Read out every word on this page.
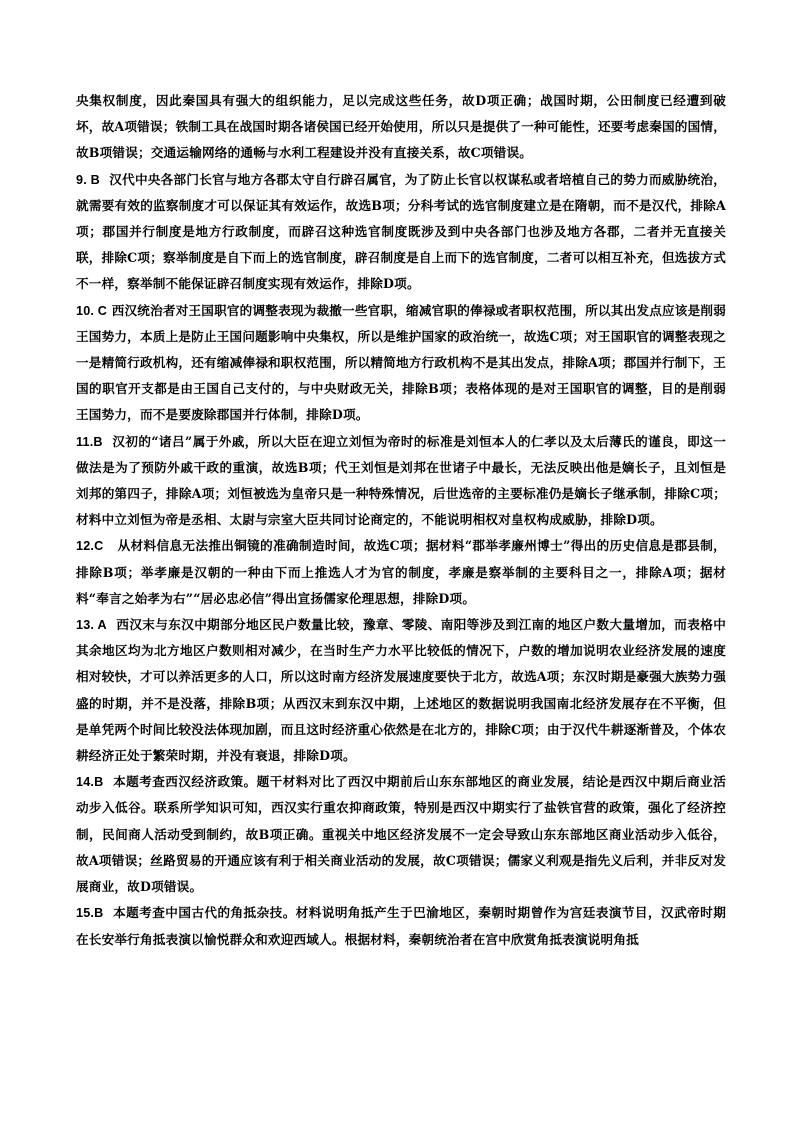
央集权制度，因此秦国具有强大的组织能力，足以完成这些任务，故D项正确；战国时期，公田制度已经遭到破坏，故A项错误；铁制工具在战国时期各诸侯国已经开始使用，所以只是提供了一种可能性，还要考虑秦国的国情，故B项错误；交通运输网络的通畅与水利工程建设并没有直接关系，故C项错误。

9. B 汉代中央各部门长官与地方各郡太守自行辟召属官，为了防止长官以权谋私或者培植自己的势力而威胁统治，就需要有效的监察制度才可以保证其有效运作，故选B项；分科考试的选官制度建立是在隋朝，而不是汉代，排除A项；郡国并行制度是地方行政制度，而辟召这种选官制度既涉及到中央各部门也涉及地方各郡，二者并无直接关联，排除C项；察举制度是自下而上的选官制度，辟召制度是自上而下的选官制度，二者可以相互补充，但选拔方式不一样，察举制不能保证辟召制度实现有效运作，排除D项。

10. C 西汉统治者对王国职官的调整表现为裁撤一些官职，缩减官职的俸禄或者职权范围，所以其出发点应该是削弱王国势力，本质上是防止王国问题影响中央集权，所以是维护国家的政治统一，故选C项；对王国职官的调整表现之一是精简行政机构，还有缩减俸禄和职权范围，所以精简地方行政机构不是其出发点，排除A项；郡国并行制下，王国的职官开支都是由王国自己支付的，与中央财政无关，排除B项；表格体现的是对王国职官的调整，目的是削弱王国势力，而不是要废除郡国并行体制，排除D项。

11.B 汉初的“诸吕”属于外戚，所以大臣在迎立刘恒为帝时的标准是刘恒本人的仁孝以及太后薄氏的谨良，即这一做法是为了预防外戚干政的重演，故选B项；代王刘恒是刘邦在世诸子中最长，无法反映出他是嫡长子，且刘恒是刘邦的第四子，排除A项；刘恒被选为皇帝只是一种特殊情况，后世选帝的主要标准仍是嫡长子继承制，排除C项；材料中立刘恒为帝是丞相、太尉与宗室大臣共同讨论商定的，不能说明相权对皇权构成威胁，排除D项。

12.C 从材料信息无法推出铜镜的准确制造时间，故选C项；据材料“郡举孝廉州博士”得出的历史信息是郡县制，排除B项；举孝廉是汉朝的一种由下而上推选人才为官的制度，孝廉是察举制的主要科目之一，排除A项；据材料“奉言之始孝为右”“居必忠必信”得出宣扬儒家伦理思想，排除D项。

13. A 西汉末与东汉中期部分地区民户数量比较，豫章、零陵、南阳等涉及到江南的地区户数大量增加，而表格中其余地区均为北方地区户数则相对减少，在当时生产力水平比较低的情况下，户数的增加说明农业经济发展的速度相对较快，才可以养活更多的人口，所以这时南方经济发展速度要快于北方，故选A项；东汉时期是豪强大族势力强盛的时期，并不是没落，排除B项；从西汉末到东汉中期，上述地区的数据说明我国南北经济发展存在不平衡，但是单凭两个时间比较没法体现加剧，而且这时经济重心依然是在北方的，排除C项；由于汉代牛耕逐渐普及，个体农耕经济正处于繁荣时期，并没有衰退，排除D项。

14.B 本题考查西汉经济政策。题干材料对比了西汉中期前后山东东部地区的商业发展，结论是西汉中期后商业活动步入低谷。联系所学知识可知，西汉实行重农抑商政策，特别是西汉中期实行了盐铁官营的政策，强化了经济控制，民间商人活动受到制约，故B项正确。重视关中地区经济发展不一定会导致山东东部地区商业活动步入低谷，故A项错误；丝路贸易的开通应该有利于相关商业活动的发展，故C项错误；儒家义利观是指先义后利，并非反对发展商业，故D项错误。

15.B 本题考查中国古代的角抵杂技。材料说明角抵产生于巴渝地区，秦朝时期曾作为宫廷表演节目，汉武帝时期在长安举行角抵表演以愉悦群众和欢迎西域人。根据材料，秦朝统治者在宫中欣赏角抵表演说明角抵
